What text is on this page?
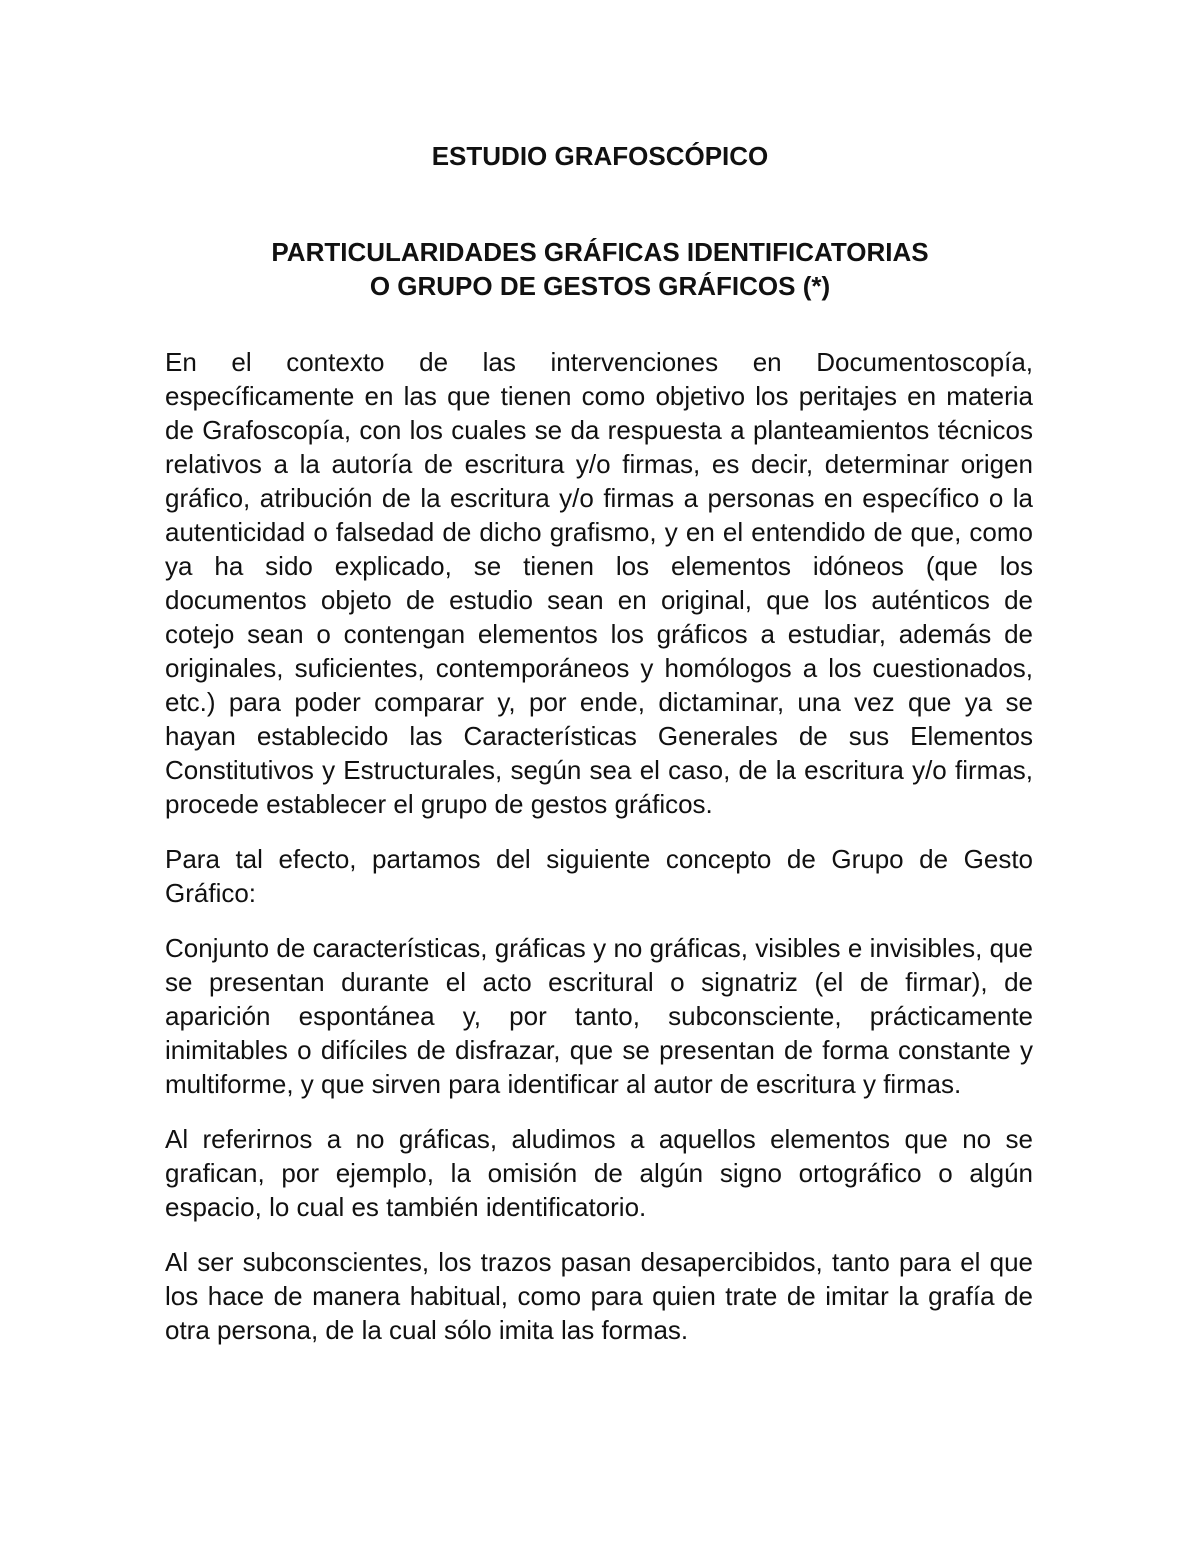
ESTUDIO GRAFOSCÓPICO
PARTICULARIDADES GRÁFICAS IDENTIFICATORIAS
O GRUPO DE GESTOS GRÁFICOS (*)

En el contexto de las intervenciones en Documentoscopía, específicamente en las que tienen como objetivo los peritajes en materia de Grafoscopía, con los cuales se da respuesta a planteamientos técnicos relativos a la autoría de escritura y/o firmas, es decir, determinar origen gráfico, atribución de la escritura y/o firmas a personas en específico o la autenticidad o falsedad de dicho grafismo, y en el entendido de que, como ya ha sido explicado, se tienen los elementos idóneos (que los documentos objeto de estudio sean en original, que los auténticos de cotejo sean o contengan elementos los gráficos a estudiar, además de originales, suficientes, contemporáneos y homólogos a los cuestionados, etc.) para poder comparar y, por ende, dictaminar, una vez que ya se hayan establecido las Características Generales de sus Elementos Constitutivos y Estructurales, según sea el caso, de la escritura y/o firmas, procede establecer el grupo de gestos gráficos.

Para tal efecto, partamos del siguiente concepto de Grupo de Gesto Gráfico:

Conjunto de características, gráficas y no gráficas, visibles e invisibles, que se presentan durante el acto escritural o signatriz (el de firmar), de aparición espontánea y, por tanto, subconsciente, prácticamente inimitables o difíciles de disfrazar, que se presentan de forma constante y multiforme, y que sirven para identificar al autor de escritura y firmas.

Al referirnos a no gráficas, aludimos a aquellos elementos que no se grafican, por ejemplo, la omisión de algún signo ortográfico o algún espacio, lo cual es también identificatorio.

Al ser subconscientes, los trazos pasan desapercibidos, tanto para el que los hace de manera habitual, como para quien trate de imitar la grafía de otra persona, de la cual sólo imita las formas.
